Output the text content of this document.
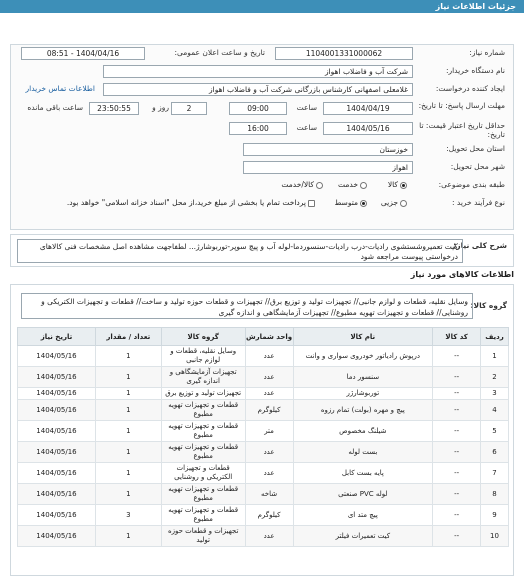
جزئیات اطلاعات نیاز
شماره نیاز:
1104001331000062
تاریخ و ساعت اعلان عمومی:
1404/04/16 - 08:51
نام دستگاه خریدار:
شرکت آب و فاضلاب اهواز
ایجاد کننده درخواست:
غلامعلی اصفهانی کارشناس بازرگانی شرکت آب و فاضلاب اهواز
اطلاعات تماس خریدار
مهلت ارسال پاسخ: تا تاریخ:
1404/04/19
ساعت
09:00
2
روز و
23:50:55
ساعت باقی مانده
حداقل تاریخ اعتبار قیمت: تا تاریخ:
1404/05/16
ساعت
16:00
استان محل تحویل:
خوزستان
شهر محل تحویل:
اهواز
طبقه بندی موضوعی:
کالا
خدمت
کالا/خدمت
نوع فرآیند خرید :
جزیی
متوسط
پرداخت تمام یا بخشی از مبلغ خرید،از محل "اسناد خزانه اسلامی" خواهد بود.
شرح کلی نیاز:
کیت تعمیروشستشوی رادیات-درب رادیات-سنسوردما-لوله آب و پیچ سوپر-توربوشارژ... لطفاجهت مشاهده اصل مشخصات فنی کالاهای درخواستی پیوست مراجعه شود
اطلاعات کالاهای مورد نیاز
گروه کالا:
وسایل نقلیه، قطعات و لوازم جانبی// تجهیزات تولید و توزیع برق// تجهیزات و قطعات حوزه تولید و ساخت// قطعات و تجهیزات الکتریکی و روشنایی// قطعات و تجهیزات تهویه مطبوع// تجهیزات آزمایشگاهی و اندازه گیری
ردیف	کد کالا	نام کالا	واحد شمارش	گروه کالا	تعداد / مقدار	تاریخ نیاز
1	--	درپوش رادیاتور خودروی سواری و وانت	عدد	وسایل نقلیه، قطعات و لوازم جانبی	1	1404/05/16
2	--	سنسور دما	عدد	تجهیزات آزمایشگاهی و اندازه گیری	1	1404/05/16
3	--	توربوشارژر	عدد	تجهیزات تولید و توزیع برق	1	1404/05/16
4	--	پیچ و مهره (بولت) تمام رزوه	کیلوگرم	قطعات و تجهیزات تهویه مطبوع	1	1404/05/16
5	--	شیلنگ مخصوص	متر	قطعات و تجهیزات تهویه مطبوع	1	1404/05/16
6	--	بست لوله	عدد	قطعات و تجهیزات تهویه مطبوع	1	1404/05/16
7	--	پایه بست کابل	عدد	قطعات و تجهیزات الکتریکی و روشنایی	1	1404/05/16
8	--	لوله PVC صنعتی	شاخه	قطعات و تجهیزات تهویه مطبوع	1	1404/05/16
9	--	پیچ متد ای	کیلوگرم	قطعات و تجهیزات تهویه مطبوع	3	1404/05/16
10	--	کیت تعمیرات فیلتر	عدد	تجهیزات و قطعات حوزه تولید	1	1404/05/16
